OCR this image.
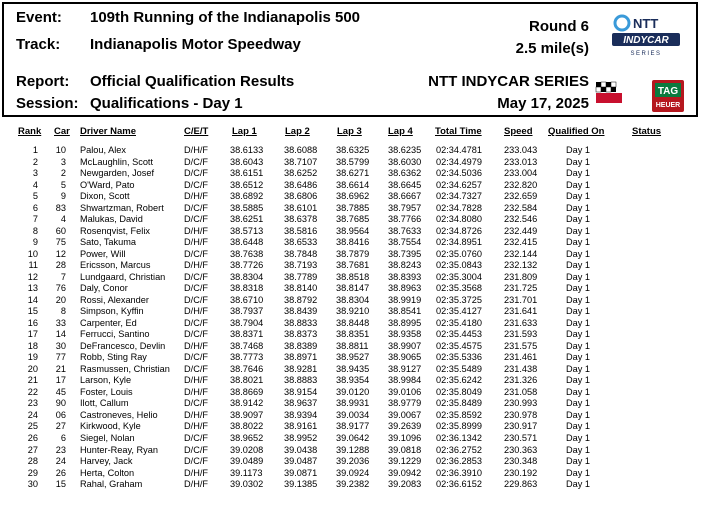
Event: 109th Running of the Indianapolis 500
Track: Indianapolis Motor Speedway
Report: Official Qualification Results
Session: Qualifications - Day 1
Round 6
2.5 mile(s)
NTT INDYCAR SERIES
May 17, 2025
NTT
INDYCAR
SERIES
TAG
HEUER
Rank Car Driver Name	C/E/T Lap 1	Lap 2	Lap 3	Lap 4 Total Time Speed Qualified On	Status
1	10 Palou, Alex	D/H/F	38.6133	38.6088	38.6325	38.6235	02:34.4781	233.043	Day 1
2	3 McLaughlin, Scott	D/C/F	38.6043	38.7107	38.5799	38.6030	02:34.4979	233.013	Day 1
3	2 Newgarden, Josef	D/C/F	38.6151	38.6252	38.6271	38.6362	02:34.5036	233.004	Day 1
4	5 O'Ward, Pato	D/C/F	38.6512	38.6486	38.6614	38.6645	02:34.6257	232.820	Day 1
5	9 Dixon, Scott	D/H/F	38.6892	38.6806	38.6962	38.6667	02:34.7327	232.659	Day 1
6	83 Shwartzman, Robert	D/C/F	38.5885	38.6101	38.7885	38.7957	02:34.7828	232.584	Day 1
7	4 Malukas, David	D/C/F	38.6251	38.6378	38.7685	38.7766	02:34.8080	232.546	Day 1
8	60 Rosenqvist, Felix	D/H/F	38.5713	38.5816	38.9564	38.7633	02:34.8726	232.449	Day 1
9	75 Sato, Takuma	D/H/F	38.6448	38.6533	38.8416	38.7554	02:34.8951	232.415	Day 1
10	12 Power, Will	D/C/F	38.7638	38.7848	38.7879	38.7395	02:35.0760	232.144	Day 1
11	28 Ericsson, Marcus	D/H/F	38.7726	38.7193	38.7681	38.8243	02:35.0843	232.132	Day 1
12	7 Lundgaard, Christian	D/C/F	38.8304	38.7789	38.8518	38.8393	02:35.3004	231.809	Day 1
13	76 Daly, Conor	D/C/F	38.8318	38.8140	38.8147	38.8963	02:35.3568	231.725	Day 1
14	20 Rossi, Alexander	D/C/F	38.6710	38.8792	38.8304	38.9919	02:35.3725	231.701	Day 1
15	8 Simpson, Kyffin	D/H/F	38.7937	38.8439	38.9210	38.8541	02:35.4127	231.641	Day 1
16	33 Carpenter, Ed	D/C/F	38.7904	38.8833	38.8448	38.8995	02:35.4180	231.633	Day 1
17	14 Ferrucci, Santino	D/C/F	38.8371	38.8373	38.8351	38.9358	02:35.4453	231.593	Day 1
18	30 DeFrancesco, Devlin	D/H/F	38.7468	38.8389	38.8811	38.9907	02:35.4575	231.575	Day 1
19	77 Robb, Sting Ray	D/C/F	38.7773	38.8971	38.9527	38.9065	02:35.5336	231.461	Day 1
20	21 Rasmussen, Christian	D/C/F	38.7646	38.9281	38.9435	38.9127	02:35.5489	231.438	Day 1
21	17 Larson, Kyle	D/H/F	38.8021	38.8883	38.9354	38.9984	02:35.6242	231.326	Day 1
22	45 Foster, Louis	D/H/F	38.8669	38.9154	39.0120	39.0106	02:35.8049	231.058	Day 1
23	90 Ilott, Callum	D/C/F	38.9142	38.9637	38.9931	38.9779	02:35.8489	230.993	Day 1
24	06 Castroneves, Helio	D/H/F	38.9097	38.9394	39.0034	39.0067	02:35.8592	230.978	Day 1
25	27 Kirkwood, Kyle	D/H/F	38.8022	38.9161	38.9177	39.2639	02:35.8999	230.917	Day 1
26	6 Siegel, Nolan	D/C/F	38.9652	38.9952	39.0642	39.1096	02:36.1342	230.571	Day 1
27	23 Hunter-Reay, Ryan	D/C/F	39.0208	39.0438	39.1288	39.0818	02:36.2752	230.363	Day 1
28	24 Harvey, Jack	D/C/F	39.0489	39.0487	39.2036	39.1229	02:36.2853	230.348	Day 1
29	26 Herta, Colton	D/H/F	39.1173	39.0871	39.0924	39.0942	02:36.3910	230.192	Day 1
30	15 Rahal, Graham	D/H/F	39.0302	39.1385	39.2382	39.2083	02:36.6152	229.863	Day 1
